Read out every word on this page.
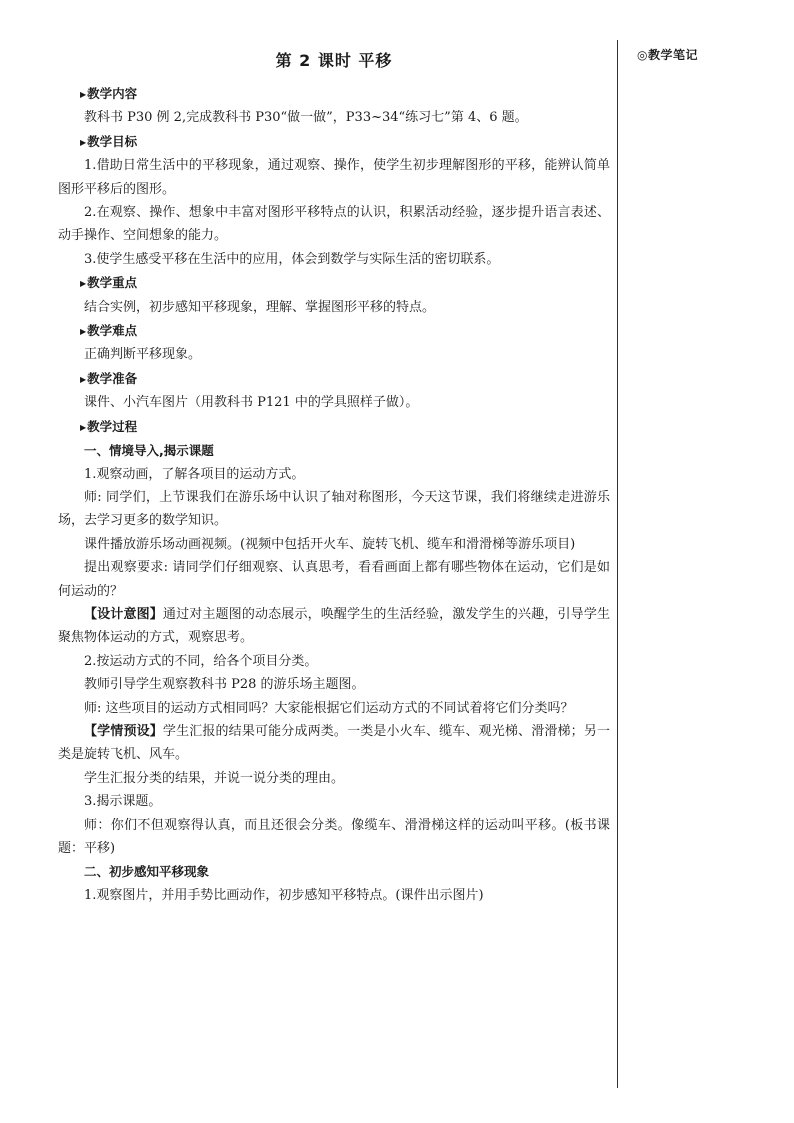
◎教学笔记
第 2 课时 平移
▶教学内容
教科书 P30 例 2,完成教科书 P30“做一做”，P33~34“练习七”第 4、6 题。
▶教学目标
1.借助日常生活中的平移现象，通过观察、操作，使学生初步理解图形的平移，能辨认简单图形平移后的图形。
2.在观察、操作、想象中丰富对图形平移特点的认识，积累活动经验，逐步提升语言表述、动手操作、空间想象的能力。
3.使学生感受平移在生活中的应用，体会到数学与实际生活的密切联系。
▶教学重点
结合实例，初步感知平移现象，理解、掌握图形平移的特点。
▶教学难点
正确判断平移现象。
▶教学准备
课件、小汽车图片（用教科书 P121 中的学具照样子做）。
▶教学过程
一、情境导入,揭示课题
1.观察动画，了解各项目的运动方式。
师: 同学们，上节课我们在游乐场中认识了轴对称图形，今天这节课，我们将继续走进游乐场，去学习更多的数学知识。
课件播放游乐场动画视频。(视频中包括开火车、旋转飞机、缆车和滑滑梯等游乐项目)
提出观察要求: 请同学们仔细观察、认真思考，看看画面上都有哪些物体在运动，它们是如何运动的？
【设计意图】通过对主题图的动态展示，唤醒学生的生活经验，激发学生的兴趣，引导学生聚焦物体运动的方式，观察思考。
2.按运动方式的不同，给各个项目分类。
教师引导学生观察教科书 P28 的游乐场主题图。
师: 这些项目的运动方式相同吗？大家能根据它们运动方式的不同试着将它们分类吗？
【学情预设】学生汇报的结果可能分成两类。一类是小火车、缆车、观光梯、滑滑梯；另一类是旋转飞机、风车。
学生汇报分类的结果，并说一说分类的理由。
3.揭示课题。
师：你们不但观察得认真，而且还很会分类。像缆车、滑滑梯这样的运动叫平移。(板书课题：平移)
二、初步感知平移现象
1.观察图片，并用手势比画动作，初步感知平移特点。(课件出示图片)
